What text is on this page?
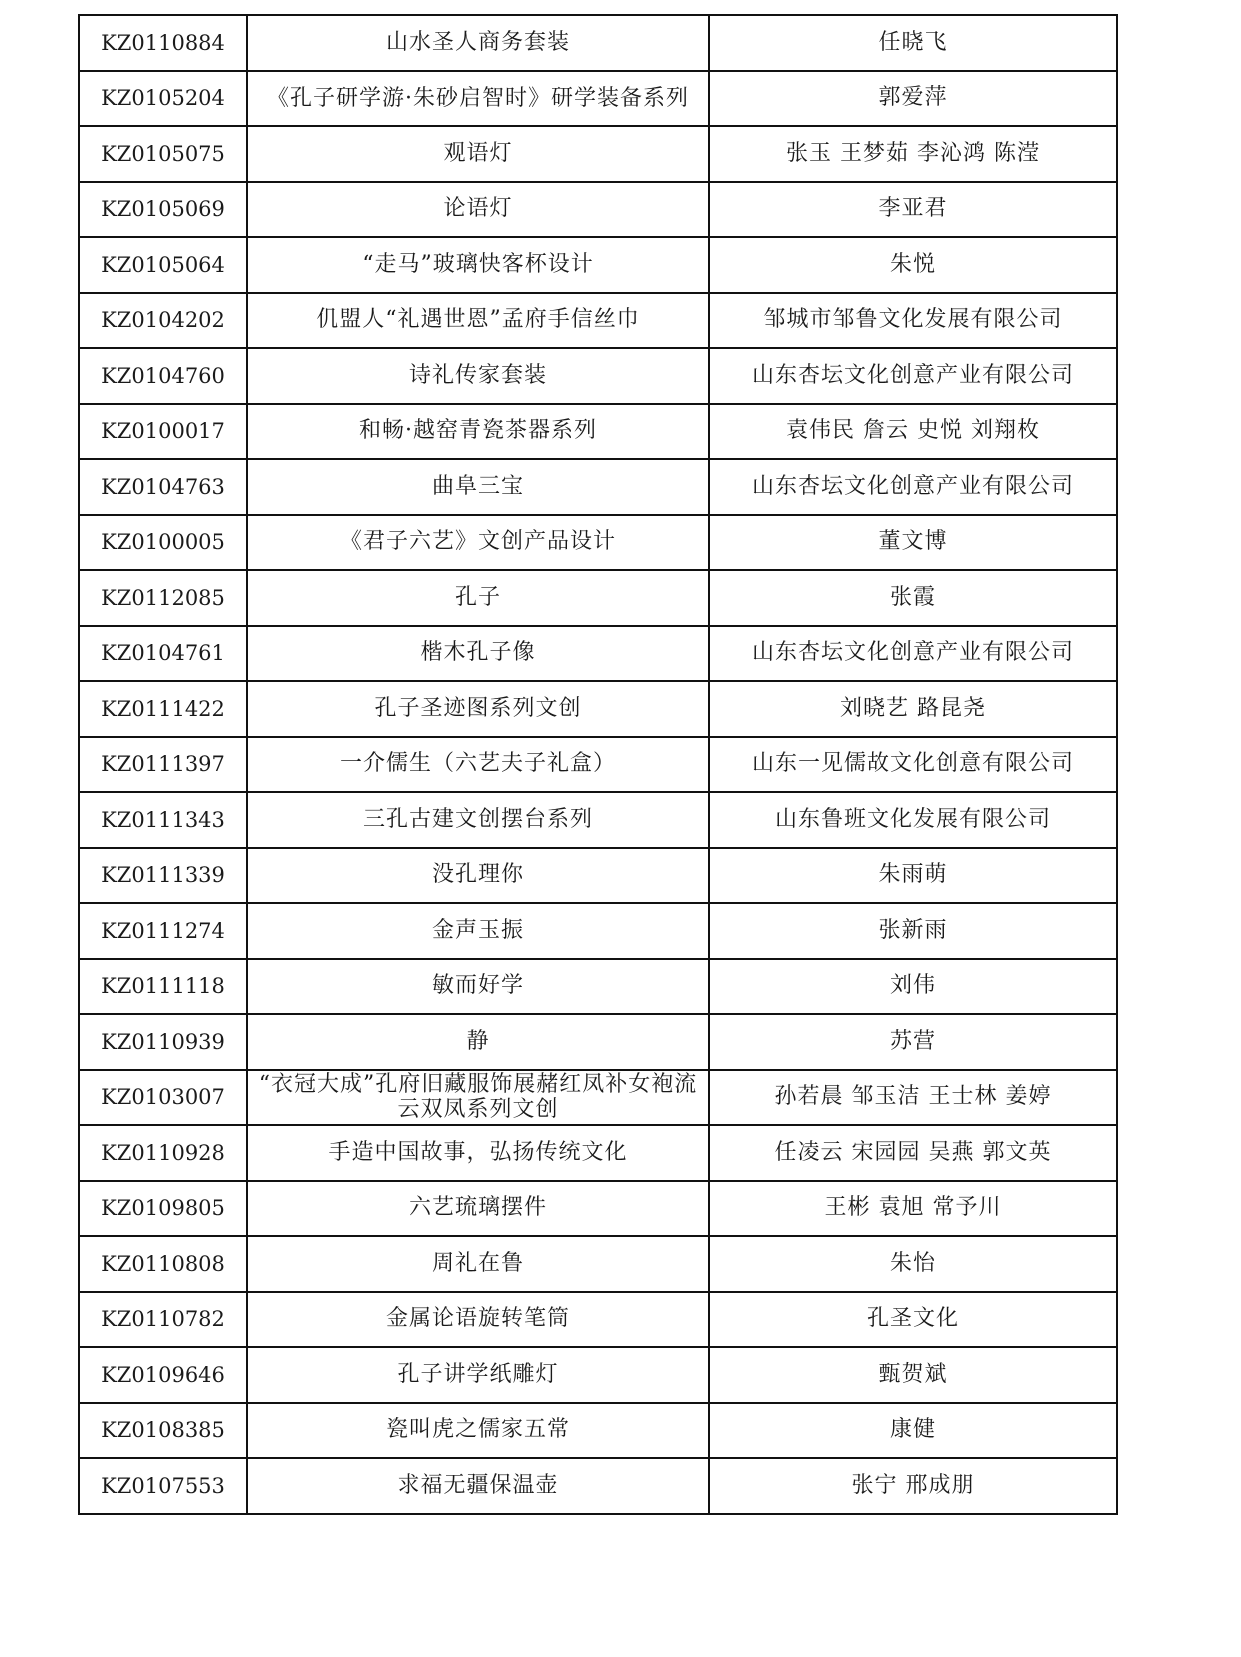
KZ0110884	山水圣人商务套装	任晓飞
KZ0105204	《孔子研学游·朱砂启智时》研学装备系列	郭爱萍
KZ0105075	观语灯	张玉 王梦茹 李沁鸿 陈滢
KZ0105069	论语灯	李亚君
KZ0105064	“走马”玻璃快客杯设计	朱悦
KZ0104202	仉盟人“礼遇世恩”孟府手信丝巾	邹城市邹鲁文化发展有限公司
KZ0104760	诗礼传家套装	山东杏坛文化创意产业有限公司
KZ0100017	和畅·越窑青瓷茶器系列	袁伟民 詹云 史悦 刘翔枚
KZ0104763	曲阜三宝	山东杏坛文化创意产业有限公司
KZ0100005	《君子六艺》文创产品设计	董文博
KZ0112085	孔子	张霞
KZ0104761	楷木孔子像	山东杏坛文化创意产业有限公司
KZ0111422	孔子圣迹图系列文创	刘晓艺 路昆尧
KZ0111397	一介儒生（六艺夫子礼盒）	山东一见儒故文化创意有限公司
KZ0111343	三孔古建文创摆台系列	山东鲁班文化发展有限公司
KZ0111339	没孔理你	朱雨萌
KZ0111274	金声玉振	张新雨
KZ0111118	敏而好学	刘伟
KZ0110939	静	苏营
KZ0103007	“衣冠大成”孔府旧藏服饰展赭红凤补女袍流云双凤系列文创	孙若晨 邹玉洁 王士林 姜婷
KZ0110928	手造中国故事，弘扬传统文化	任凌云 宋园园 吴燕 郭文英
KZ0109805	六艺琉璃摆件	王彬 袁旭 常予川
KZ0110808	周礼在鲁	朱怡
KZ0110782	金属论语旋转笔筒	孔圣文化
KZ0109646	孔子讲学纸雕灯	甄贺斌
KZ0108385	瓷叫虎之儒家五常	康健
KZ0107553	求福无疆保温壶	张宁 邢成朋
